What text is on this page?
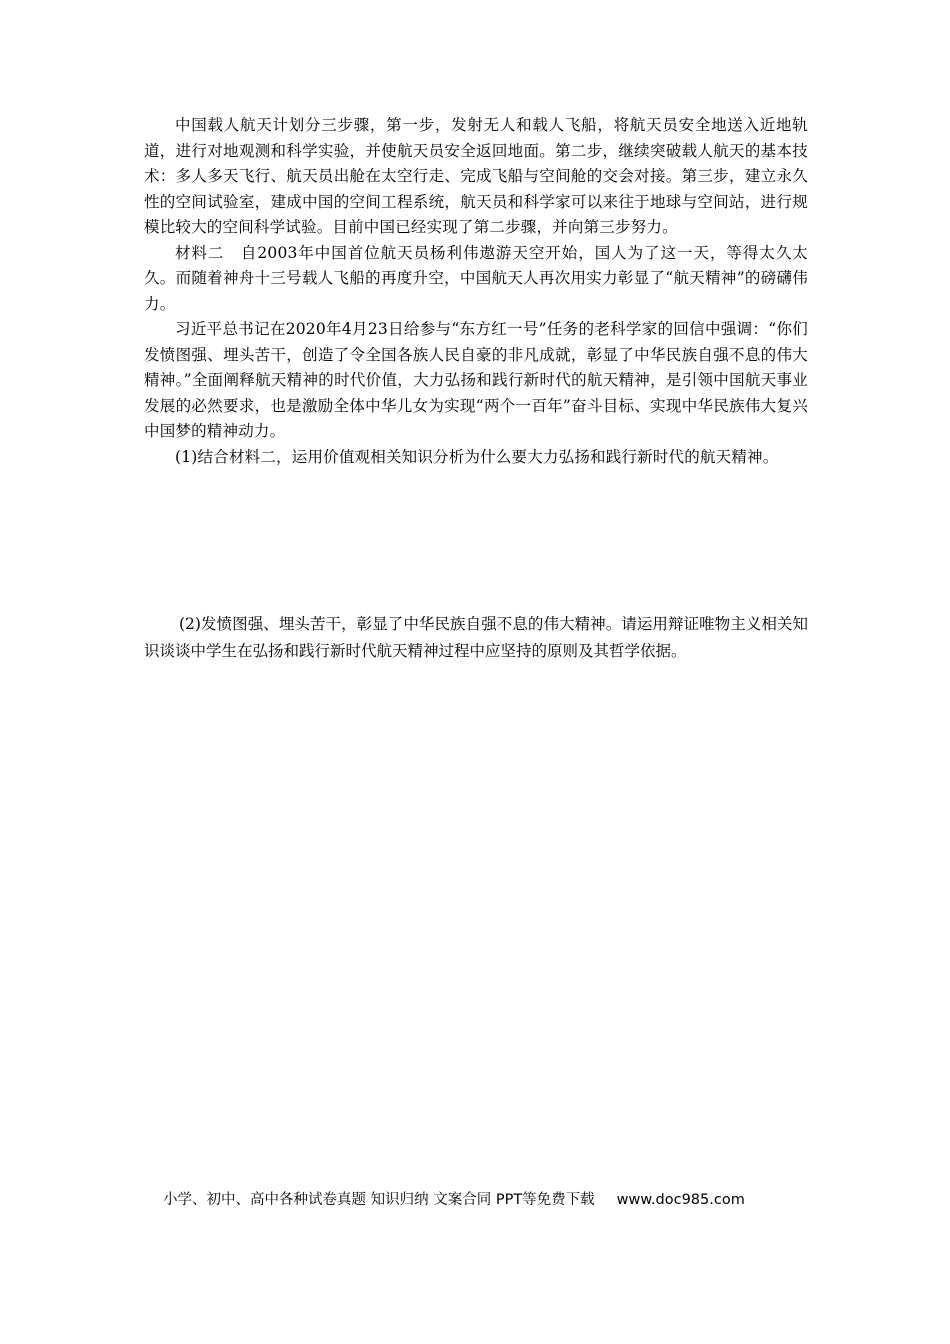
中国载人航天计划分三步骤，第一步，发射无人和载人飞船，将航天员安全地送入近地轨道，进行对地观测和科学实验，并使航天员安全返回地面。第二步，继续突破载人航天的基本技术：多人多天飞行、航天员出舱在太空行走、完成飞船与空间舱的交会对接。第三步，建立永久性的空间试验室，建成中国的空间工程系统，航天员和科学家可以来往于地球与空间站，进行规模比较大的空间科学试验。目前中国已经实现了第二步骤，并向第三步努力。

材料二　自2003年中国首位航天员杨利伟遨游天空开始，国人为了这一天，等得太久太久。而随着神舟十三号载人飞船的再度升空，中国航天人再次用实力彰显了“航天精神”的磅礴伟力。

习近平总书记在2020年4月23日给参与“东方红一号”任务的老科学家的回信中强调：“你们发愤图强、埋头苦干，创造了令全国各族人民自豪的非凡成就，彰显了中华民族自强不息的伟大精神。”全面阐释航天精神的时代价值，大力弘扬和践行新时代的航天精神，是引领中国航天事业发展的必然要求，也是激励全体中华儿女为实现“两个一百年”奋斗目标、实现中华民族伟大复兴中国梦的精神动力。

(1)结合材料二，运用价值观相关知识分析为什么要大力弘扬和践行新时代的航天精神。

(2)发愤图强、埋头苦干，彰显了中华民族自强不息的伟大精神。请运用辩证唯物主义相关知识谈谈中学生在弘扬和践行新时代航天精神过程中应坚持的原则及其哲学依据。

小学、初中、高中各种试卷真题 知识归纳 文案合同 PPT等免费下载 www.doc985.com
